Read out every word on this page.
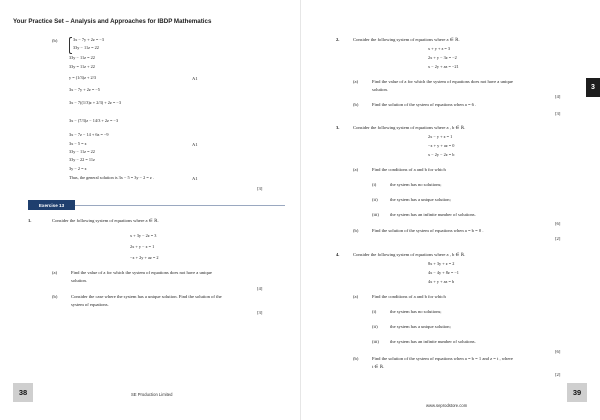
Your Practice Set – Analysis and Approaches for IBDP Mathematics
(b)	3x − 7y + 2z = −3
33y − 11z = 22
33y − 11z = 22
33y = 11z + 22
y = (1/3)z + 2/3	A1
3x − 7y + 2z = −5
3x − 7((1/3)z + 2/3) + 2z = −3
3x − (7/3)z − 14/3 + 2z = −3
3x − 7z − 14 + 6z = −9
3x − 5 = z	A1
33y − 11z = 22
33y − 22 = 11z
3y − 2 = z
Thus, the general solution is 3x − 5 = 3y − 2 = z .	A1
[3]
Exercise 13
1.	Consider the following system of equations where a ∈ ℝ.
x + 3y − 2z = 3
2x + y − z = 1
−x + 2y + az = 2
(a)	Find the value of a for which the system of equations does not have a unique
solution.
[4]
(b)	Consider the case where the system has a unique solution. Find the solution of the
system of equations.
[3]
2.	Consider the following system of equations where a ∈ ℝ.
x + y + z = 3
2x + y − 3z = −2
x − 2y + az = −21
(a)	Find the value of a for which the system of equations does not have a unique
solution.
[4]
(b)	Find the solution of the system of equations when a = 6 .
[3]
3.	Consider the following system of equations where a , b ∈ ℝ.
2x − y + z = 1
−x + y + az = 0
x − 2y − 2z = b
(a)	Find the conditions of a and b for which
(i)	the system has no solutions;
(ii)	the system has a unique solution;
(iii) the system has an infinite number of solutions.
[6]
(b)	Find the solution of the system of equations when a = b = 0 .
[2]
4.	Consider the following system of equations where a , b ∈ ℝ.
8x + 3y + z = 2
4x − 4y + 8z = −1
4x + y + az = b
(a)	Find the conditions of a and b for which
(i)	the system has no solutions;
(ii)	the system has a unique solution;
(iii) the system has an infinite number of solutions.
[6]
(b)	Find the solution of the system of equations when a = b = 1 and z = t , where
t ∈ ℝ.
[2]
3
38	39
SE Production Limited
www.seprodstore.com
